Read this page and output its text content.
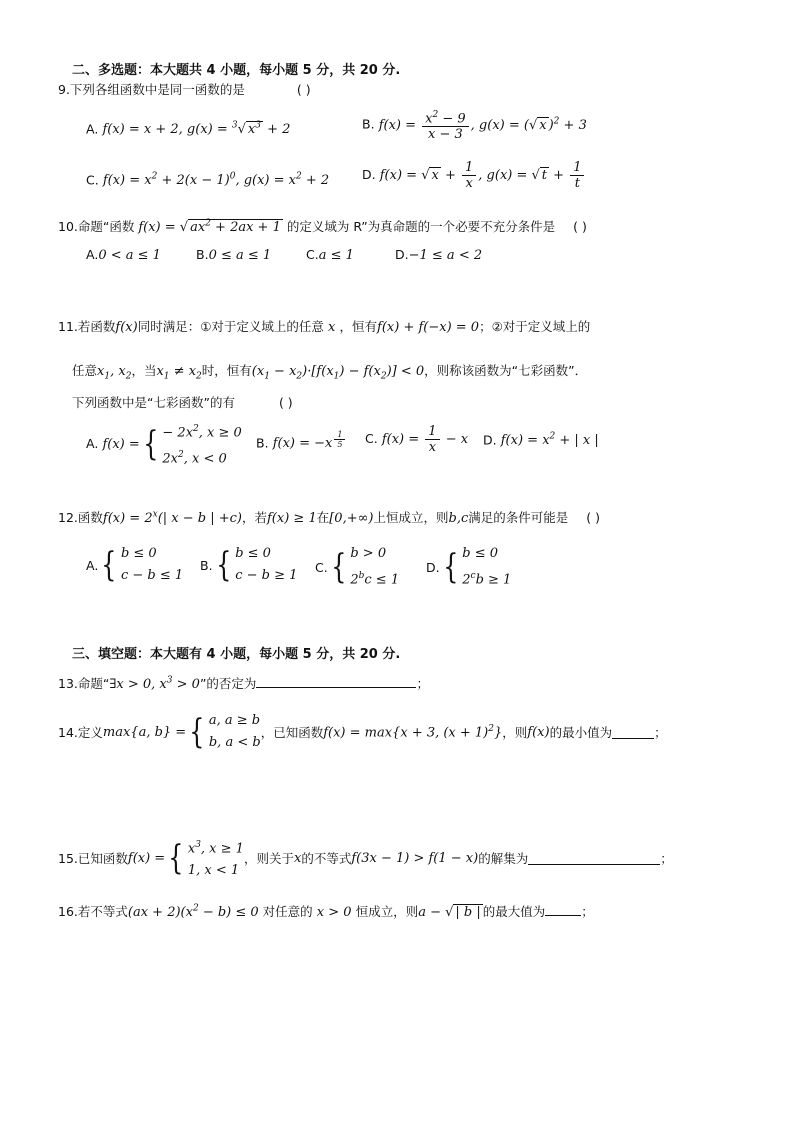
二、多选题：本大题共 4 小题，每小题 5 分，共 20 分.
9.下列各组函数中是同一函数的是	( )
A. f(x) = x + 2, g(x) = $^3$√ $x^3 + 2$	B. $f(x) = \frac{x^2 - 9}{x - 3}$ , g(x) = (√ x )$^2$ + 3
C. $f(x) = x^2 + 2(x - 1)^0$, $g(x) = x^2 + 2$	D. f(x) = √ $x + \frac{1}{x}$ , g(x) = √ $t + \frac{1}{t}$
10.命题“函数 f(x) = √ $ax^2 + 2ax + 1$ 的定义域为 R”为真命题的一个必要不充分条件是 ( )
A.0 < a ≤ 1	B.0 ≤ a ≤ 1	C.a ≤ 1	D.−1 ≤ a < 2
11.若函数f(x)同时满足：①对于定义域上的任意 x ，恒有f(x) + f(−x) = 0；②对于定义域上的
任意$x_1$, $x_2$，当$x_1 \ne x_2$时，恒有$(x_1 - x_2)\cdot[f(x_1) - f(x_2)] < 0$，则称该函数为“七彩函数”．
下列函数中是“七彩函数”的有	( )
A. f(x) = { − $2x^2$, x ≥ 0
$2x^2$, x < 0
B. f(x) = −x $^{\frac{1}{5}}$ C. $f(x) = \frac{1}{x} - x$ D. $f(x) = x^2$ + | x |
12.函数$f(x) = 2^x(|$ x − b | +c)，若f(x) ≥ 1在[0,+∞)上恒成立，则b,c满足的条件可能是 ( )
A. { b ≤ 0
c − b ≤ 1
B. { b ≤ 0
c − b ≥ 1
C. { b > 0
$2^bc \le 1$
D. { b ≤ 0
$2^cb \ge 1$
三、填空题：本大题有 4 小题，每小题 5 分，共 20 分.
13.命题“∃x > 0, $x^3 > 0$”的否定为	；
14.定义 max{a, b} = { a, a ≥ b
b, a < b
，已知函数 f(x) = max{x + 3, $(x + 1)^2$} ，则 f(x) 的最小值为	；
15.已知函数 f(x) = { $x^3$, x ≥ 1
1, x < 1
，则关于 x 的不等式 f(3x − 1) > f(1 − x) 的解集为	；
16.若不等式$(ax + 2)(x^2 - b) \le 0$ 对任意的 x > 0 恒成立，则a − √ | b | 的最大值为	；
